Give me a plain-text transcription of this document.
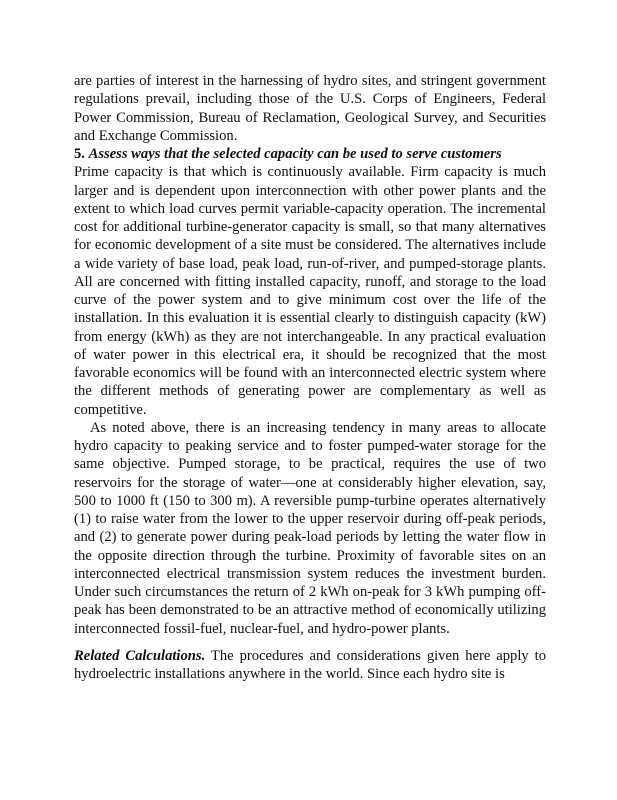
are parties of interest in the harnessing of hydro sites, and stringent government regulations prevail, including those of the U.S. Corps of Engineers, Federal Power Commission, Bureau of Reclamation, Geological Survey, and Securities and Exchange Commission.

5. Assess ways that the selected capacity can be used to serve customers

Prime capacity is that which is continuously available. Firm capacity is much larger and is dependent upon interconnection with other power plants and the extent to which load curves permit variable-capacity operation. The incremental cost for additional turbine-generator capacity is small, so that many alternatives for economic development of a site must be considered. The alternatives include a wide variety of base load, peak load, run-of-river, and pumped-storage plants. All are concerned with fitting installed capacity, runoff, and storage to the load curve of the power system and to give minimum cost over the life of the installation. In this evaluation it is essential clearly to distinguish capacity (kW) from energy (kWh) as they are not interchangeable. In any practical evaluation of water power in this electrical era, it should be recognized that the most favorable economics will be found with an interconnected electric system where the different methods of generating power are complementary as well as competitive.

As noted above, there is an increasing tendency in many areas to allocate hydro capacity to peaking service and to foster pumped-water storage for the same objective. Pumped storage, to be practical, requires the use of two reservoirs for the storage of water—one at considerably higher elevation, say, 500 to 1000 ft (150 to 300 m). A reversible pump-turbine operates alternatively (1) to raise water from the lower to the upper reservoir during off-peak periods, and (2) to generate power during peak-load periods by letting the water flow in the opposite direction through the turbine. Proximity of favorable sites on an interconnected electrical transmission system reduces the investment burden. Under such circumstances the return of 2 kWh on-peak for 3 kWh pumping off-peak has been demonstrated to be an attractive method of economically utilizing interconnected fossil-fuel, nuclear-fuel, and hydro-power plants.

Related Calculations. The procedures and considerations given here apply to hydroelectric installations anywhere in the world. Since each hydro site is
